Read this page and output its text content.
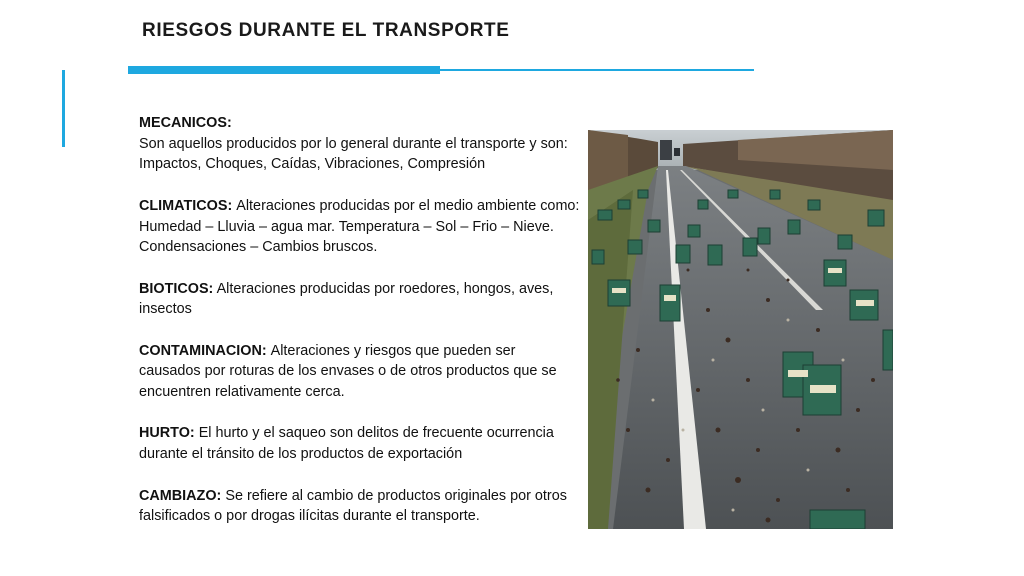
RIESGOS DURANTE EL TRANSPORTE
MECANICOS:
Son aquellos producidos por lo general durante el transporte y son: Impactos, Choques, Caídas, Vibraciones, Compresión
CLIMATICOS: Alteraciones producidas por el medio ambiente como: Humedad – Lluvia – agua mar. Temperatura – Sol – Frio – Nieve. Condensaciones – Cambios bruscos.
BIOTICOS: Alteraciones producidas por roedores, hongos, aves, insectos
CONTAMINACION: Alteraciones y riesgos que pueden ser causados por roturas de los envases o de otros productos que se encuentren relativamente cerca.
HURTO: El hurto y el saqueo son delitos de frecuente ocurrencia durante el tránsito de los productos de exportación
CAMBIAZO: Se refiere al cambio de productos originales por otros falsificados o por drogas ilícitas durante el transporte.
